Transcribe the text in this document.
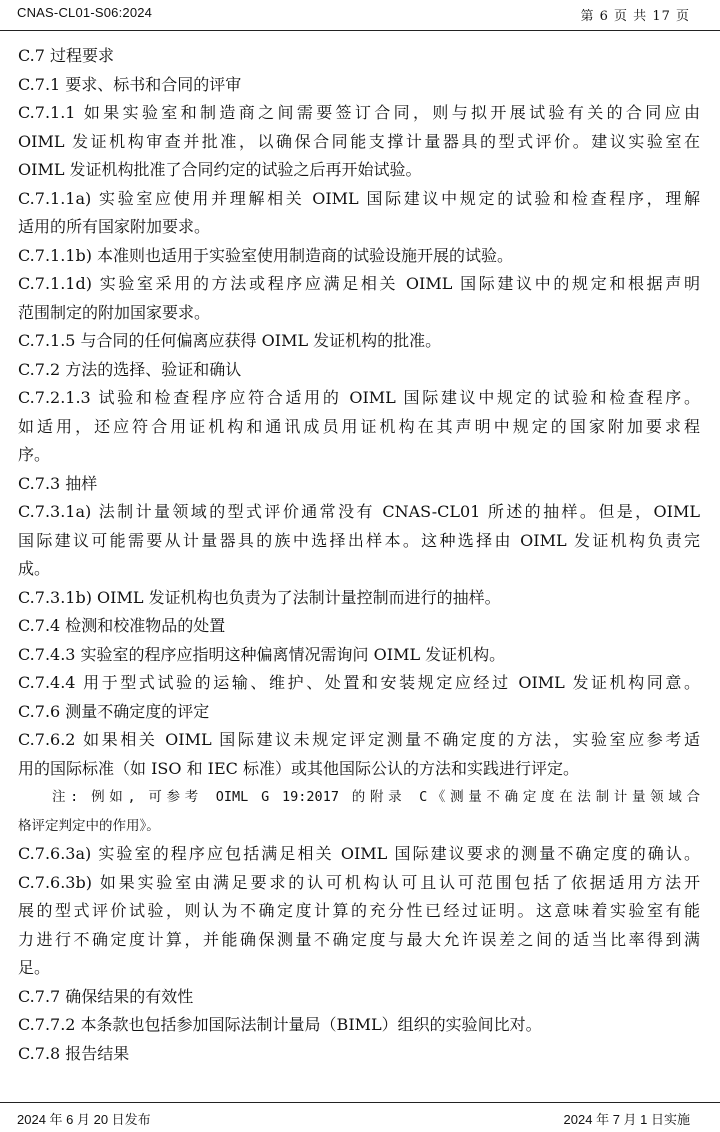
CNAS-CL01-S06:2024	第 6 页 共 17 页
C.7 过程要求
C.7.1 要求、标书和合同的评审
C.7.1.1 如果实验室和制造商之间需要签订合同，则与拟开展试验有关的合同应由
OIML 发证机构审查并批准，以确保合同能支撑计量器具的型式评价。建议实验室在
OIML 发证机构批准了合同约定的试验之后再开始试验。
C.7.1.1a) 实验室应使用并理解相关 OIML 国际建议中规定的试验和检查程序，理解
适用的所有国家附加要求。
C.7.1.1b) 本准则也适用于实验室使用制造商的试验设施开展的试验。
C.7.1.1d) 实验室采用的方法或程序应满足相关 OIML 国际建议中的规定和根据声明
范围制定的附加国家要求。
C.7.1.5 与合同的任何偏离应获得 OIML 发证机构的批准。
C.7.2 方法的选择、验证和确认
C.7.2.1.3 试验和检查程序应符合适用的 OIML 国际建议中规定的试验和检查程序。
如适用，还应符合用证机构和通讯成员用证机构在其声明中规定的国家附加要求程
序。
C.7.3 抽样
C.7.3.1a) 法制计量领域的型式评价通常没有 CNAS-CL01 所述的抽样。但是，OIML
国际建议可能需要从计量器具的族中选择出样本。这种选择由 OIML 发证机构负责完
成。
C.7.3.1b) OIML 发证机构也负责为了法制计量控制而进行的抽样。
C.7.4 检测和校准物品的处置
C.7.4.3 实验室的程序应指明这种偏离情况需询问 OIML 发证机构。
C.7.4.4 用于型式试验的运输、维护、处置和安装规定应经过 OIML 发证机构同意。
C.7.6 测量不确定度的评定
C.7.6.2 如果相关 OIML 国际建议未规定评定测量不确定度的方法，实验室应参考适
用的国际标准（如 ISO 和 IEC 标准）或其他国际公认的方法和实践进行评定。
注: 例如, 可参考 OIML G 19:2017 的附录 C《测量不确定度在法制计量领域合
格评定判定中的作用》。
C.7.6.3a) 实验室的程序应包括满足相关 OIML 国际建议要求的测量不确定度的确认。
C.7.6.3b) 如果实验室由满足要求的认可机构认可且认可范围包括了依据适用方法开
展的型式评价试验，则认为不确定度计算的充分性已经过证明。这意味着实验室有能
力进行不确定度计算，并能确保测量不确定度与最大允许误差之间的适当比率得到满
足。
C.7.7 确保结果的有效性
C.7.7.2 本条款也包括参加国际法制计量局（BIML）组织的实验间比对。
C.7.8 报告结果
2024 年 6 月 20 日发布	2024 年 7 月 1 日实施
